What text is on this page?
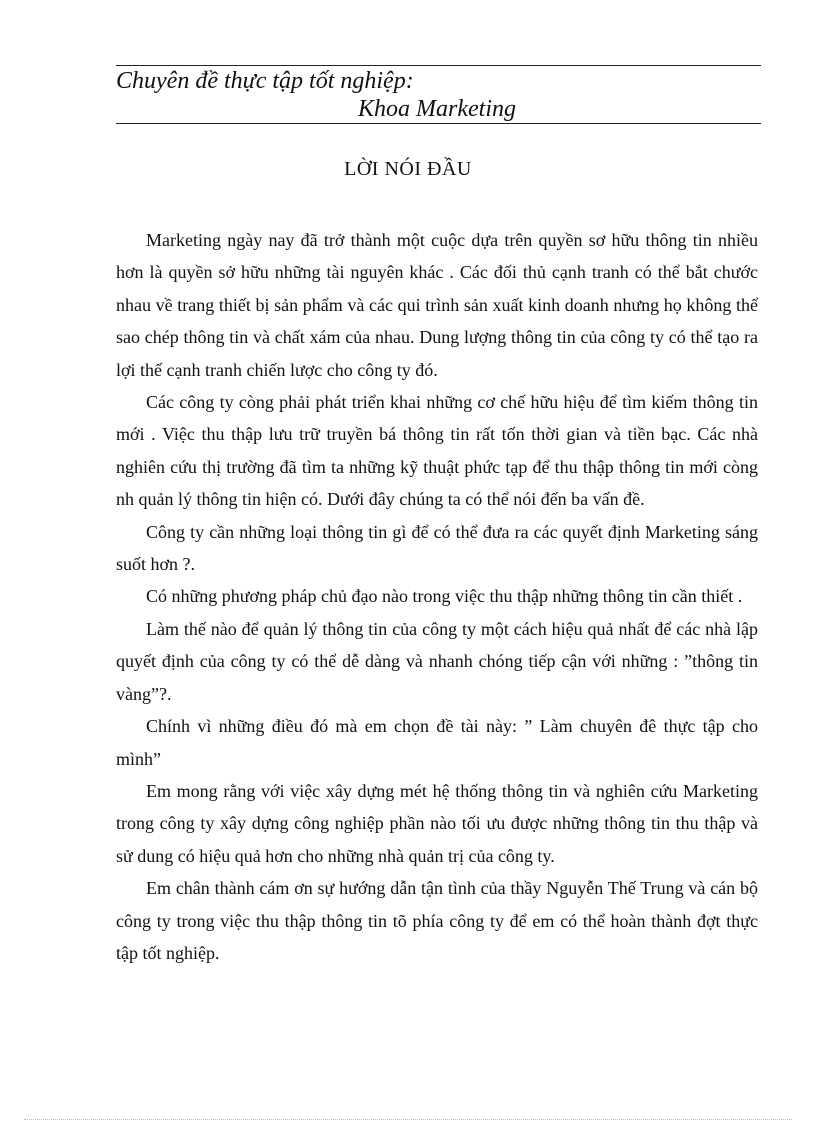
Chuyên đề thực tập tốt nghiệp:
Khoa Marketing
LỜI NÓI ĐẦU

Marketing ngày nay đã trở thành một cuộc dựa trên quyền sơ hữu thông tin nhiều hơn là quyền sở hữu những tài nguyên khác . Các đối thủ cạnh tranh có thể bắt chước nhau về trang thiết bị sản phẩm và các qui trình sản xuất kinh doanh nhưng họ không thể sao chép thông tin và chất xám của nhau. Dung lượng thông tin của công ty có thể tạo ra lợi thế cạnh tranh chiến lược cho công ty đó.

Các công ty còng phải phát triển khai những cơ chế hữu hiệu để tìm kiếm thông tin mới . Việc thu thập lưu trữ truyền bá thông tin rất tốn thời gian và tiền bạc. Các nhà nghiên cứu thị trường đã tìm ta những kỹ thuật phức tạp để thu thập thông tin mới còng nh quản lý thông tin hiện có. Dưới đây chúng ta có thể nói đến ba vấn đề.

Công ty cần những loại thông tin gì để có thể đưa ra các quyết định Marketing sáng suốt hơn ?.

Có những phương pháp chủ đạo nào trong việc thu thập những thông tin cần thiết .

Làm thế nào để quản lý thông tin của công ty một cách hiệu quả nhất để các nhà lập quyết định của công ty có thể dễ dàng và nhanh chóng tiếp cận với những : ”thông tin vàng”?.

Chính vì những điều đó mà em chọn đề tài này: ” Làm chuyên đê thực tập cho mình”

Em mong rằng với việc xây dựng mét hệ thống thông tin và nghiên cứu Marketing trong công ty xây dựng công nghiệp phần nào tối ưu được những thông tin thu thập và sử dung có hiệu quả hơn cho những nhà quản trị của công ty.

Em chân thành cám ơn sự hướng dẫn tận tình của thầy Nguyễn Thế Trung và cán bộ công ty trong việc thu thập thông tin tõ phía công ty để em có thể hoàn thành đợt thực tập tốt nghiệp.
